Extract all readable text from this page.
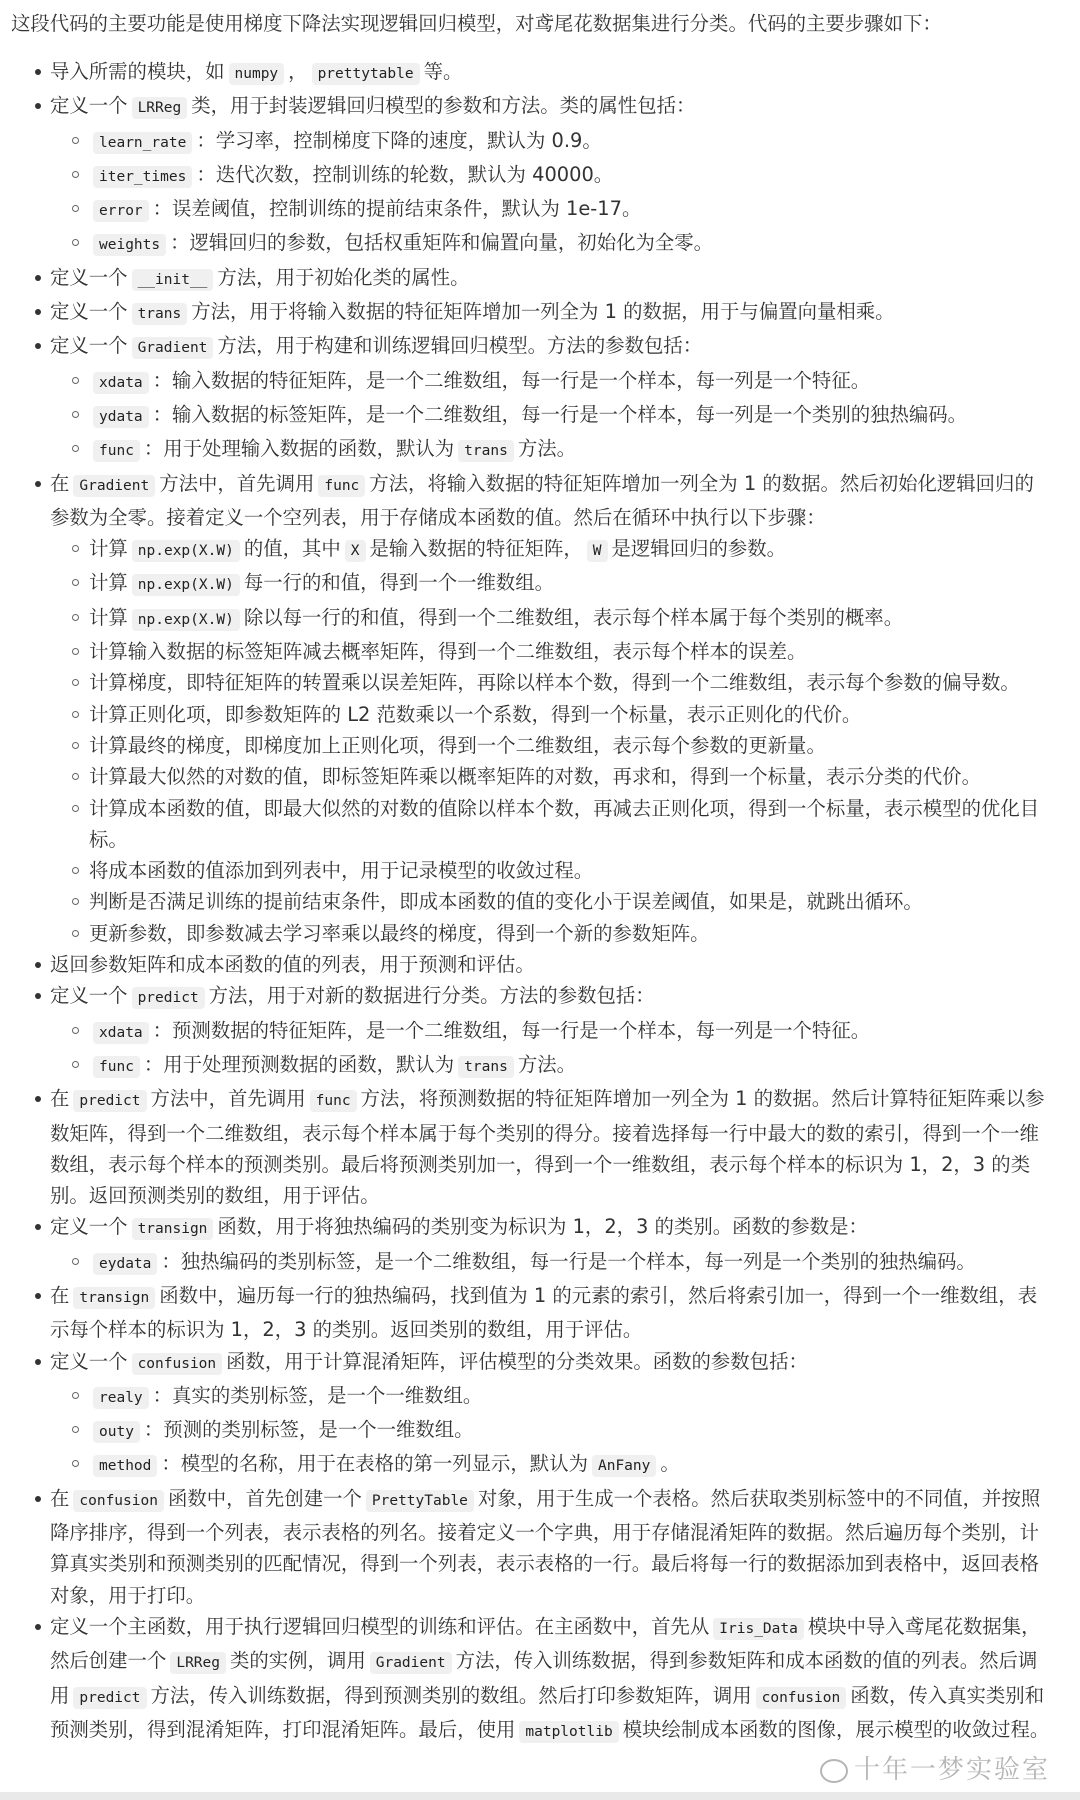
这段代码的主要功能是使用梯度下降法实现逻辑回归模型，对鸢尾花数据集进行分类。代码的主要步骤如下：
导入所需的模块，如 numpy ， prettytable 等。
定义一个 LRReg 类，用于封装逻辑回归模型的参数和方法。类的属性包括：
learn_rate ：学习率，控制梯度下降的速度，默认为 0.9。
iter_times ：迭代次数，控制训练的轮数，默认为 40000。
error ：误差阈值，控制训练的提前结束条件，默认为 1e-17。
weights ：逻辑回归的参数，包括权重矩阵和偏置向量，初始化为全零。
定义一个 __init__ 方法，用于初始化类的属性。
定义一个 trans 方法，用于将输入数据的特征矩阵增加一列全为 1 的数据，用于与偏置向量相乘。
定义一个 Gradient 方法，用于构建和训练逻辑回归模型。方法的参数包括：
xdata ：输入数据的特征矩阵，是一个二维数组，每一行是一个样本，每一列是一个特征。
ydata ：输入数据的标签矩阵，是一个二维数组，每一行是一个样本，每一列是一个类别的独热编码。
func ：用于处理输入数据的函数，默认为 trans 方法。
在 Gradient 方法中，首先调用 func 方法，将输入数据的特征矩阵增加一列全为 1 的数据。然后初始化逻辑回归的参数为全零。接着定义一个空列表，用于存储成本函数的值。然后在循环中执行以下步骤：
计算 np.exp(X.W) 的值，其中 X 是输入数据的特征矩阵， W 是逻辑回归的参数。
计算 np.exp(X.W) 每一行的和值，得到一个一维数组。
计算 np.exp(X.W) 除以每一行的和值，得到一个二维数组，表示每个样本属于每个类别的概率。
计算输入数据的标签矩阵减去概率矩阵，得到一个二维数组，表示每个样本的误差。
计算梯度，即特征矩阵的转置乘以误差矩阵，再除以样本个数，得到一个二维数组，表示每个参数的偏导数。
计算正则化项，即参数矩阵的 L2 范数乘以一个系数，得到一个标量，表示正则化的代价。
计算最终的梯度，即梯度加上正则化项，得到一个二维数组，表示每个参数的更新量。
计算最大似然的对数的值，即标签矩阵乘以概率矩阵的对数，再求和，得到一个标量，表示分类的代价。
计算成本函数的值，即最大似然的对数的值除以样本个数，再减去正则化项，得到一个标量，表示模型的优化目标。
将成本函数的值添加到列表中，用于记录模型的收敛过程。
判断是否满足训练的提前结束条件，即成本函数的值的变化小于误差阈值，如果是，就跳出循环。
更新参数，即参数减去学习率乘以最终的梯度，得到一个新的参数矩阵。
返回参数矩阵和成本函数的值的列表，用于预测和评估。
定义一个 predict 方法，用于对新的数据进行分类。方法的参数包括：
xdata ：预测数据的特征矩阵，是一个二维数组，每一行是一个样本，每一列是一个特征。
func ：用于处理预测数据的函数，默认为 trans 方法。
在 predict 方法中，首先调用 func 方法，将预测数据的特征矩阵增加一列全为 1 的数据。然后计算特征矩阵乘以参数矩阵，得到一个二维数组，表示每个样本属于每个类别的得分。接着选择每一行中最大的数的索引，得到一个一维数组，表示每个样本的预测类别。最后将预测类别加一，得到一个一维数组，表示每个样本的标识为 1，2，3 的类别。返回预测类别的数组，用于评估。
定义一个 transign 函数，用于将独热编码的类别变为标识为 1，2，3 的类别。函数的参数是：
eydata ：独热编码的类别标签，是一个二维数组，每一行是一个样本，每一列是一个类别的独热编码。
在 transign 函数中，遍历每一行的独热编码，找到值为 1 的元素的索引，然后将索引加一，得到一个一维数组，表示每个样本的标识为 1，2，3 的类别。返回类别的数组，用于评估。
定义一个 confusion 函数，用于计算混淆矩阵，评估模型的分类效果。函数的参数包括：
realy ：真实的类别标签，是一个一维数组。
outy ：预测的类别标签，是一个一维数组。
method ：模型的名称，用于在表格的第一列显示，默认为 AnFany 。
在 confusion 函数中，首先创建一个 PrettyTable 对象，用于生成一个表格。然后获取类别标签中的不同值，并按照降序排序，得到一个列表，表示表格的列名。接着定义一个字典，用于存储混淆矩阵的数据。然后遍历每个类别，计算真实类别和预测类别的匹配情况，得到一个列表，表示表格的一行。最后将每一行的数据添加到表格中，返回表格对象，用于打印。
定义一个主函数，用于执行逻辑回归模型的训练和评估。在主函数中，首先从 Iris_Data 模块中导入鸢尾花数据集，然后创建一个 LRReg 类的实例，调用 Gradient 方法，传入训练数据，得到参数矩阵和成本函数的值的列表。然后调用 predict 方法，传入训练数据，得到预测类别的数组。然后打印参数矩阵，调用 confusion 函数，传入真实类别和预测类别，得到混淆矩阵，打印混淆矩阵。最后，使用 matplotlib 模块绘制成本函数的图像，展示模型的收敛过程。
十年一梦实验室
